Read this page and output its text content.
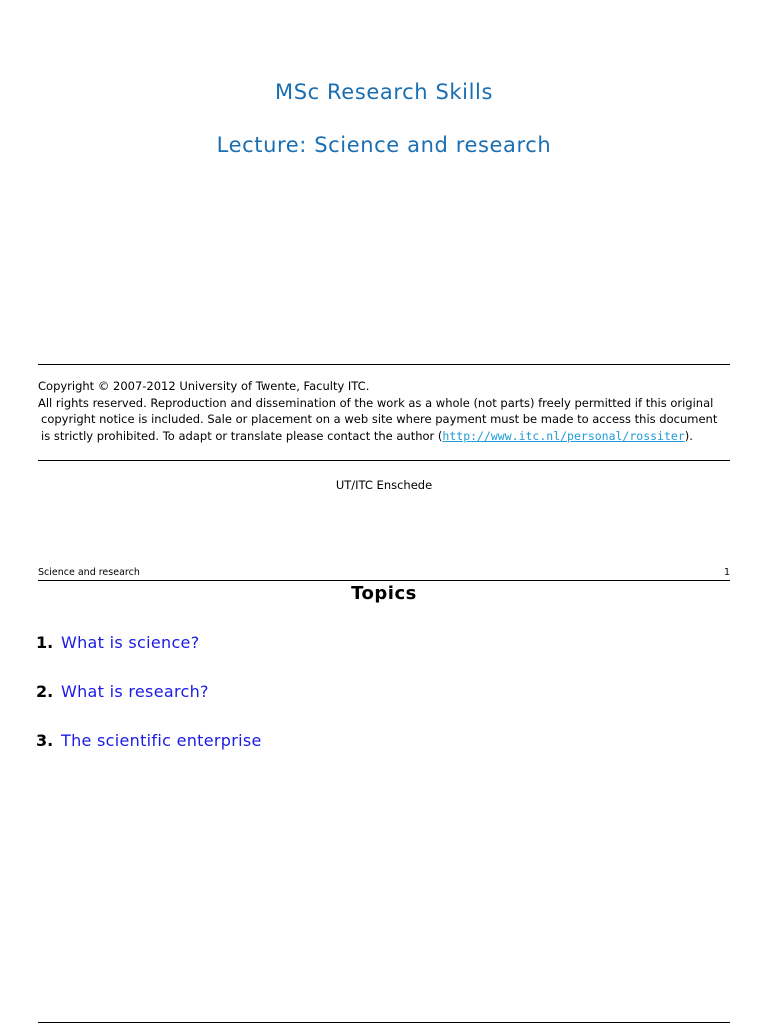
MSc Research Skills
Lecture: Science and research

Copyright © 2007-2012 University of Twente, Faculty ITC.

All rights reserved. Reproduction and dissemination of the work as a whole (not parts) freely permitted if this original

copyright notice is included. Sale or placement on a web site where payment must be made to access this document

is strictly prohibited. To adapt or translate please contact the author (http://www.itc.nl/personal/rossiter).

UT/ITC Enschede
Science and research	1
Topics
1. What is science?
2. What is research?
3. The scientific enterprise
